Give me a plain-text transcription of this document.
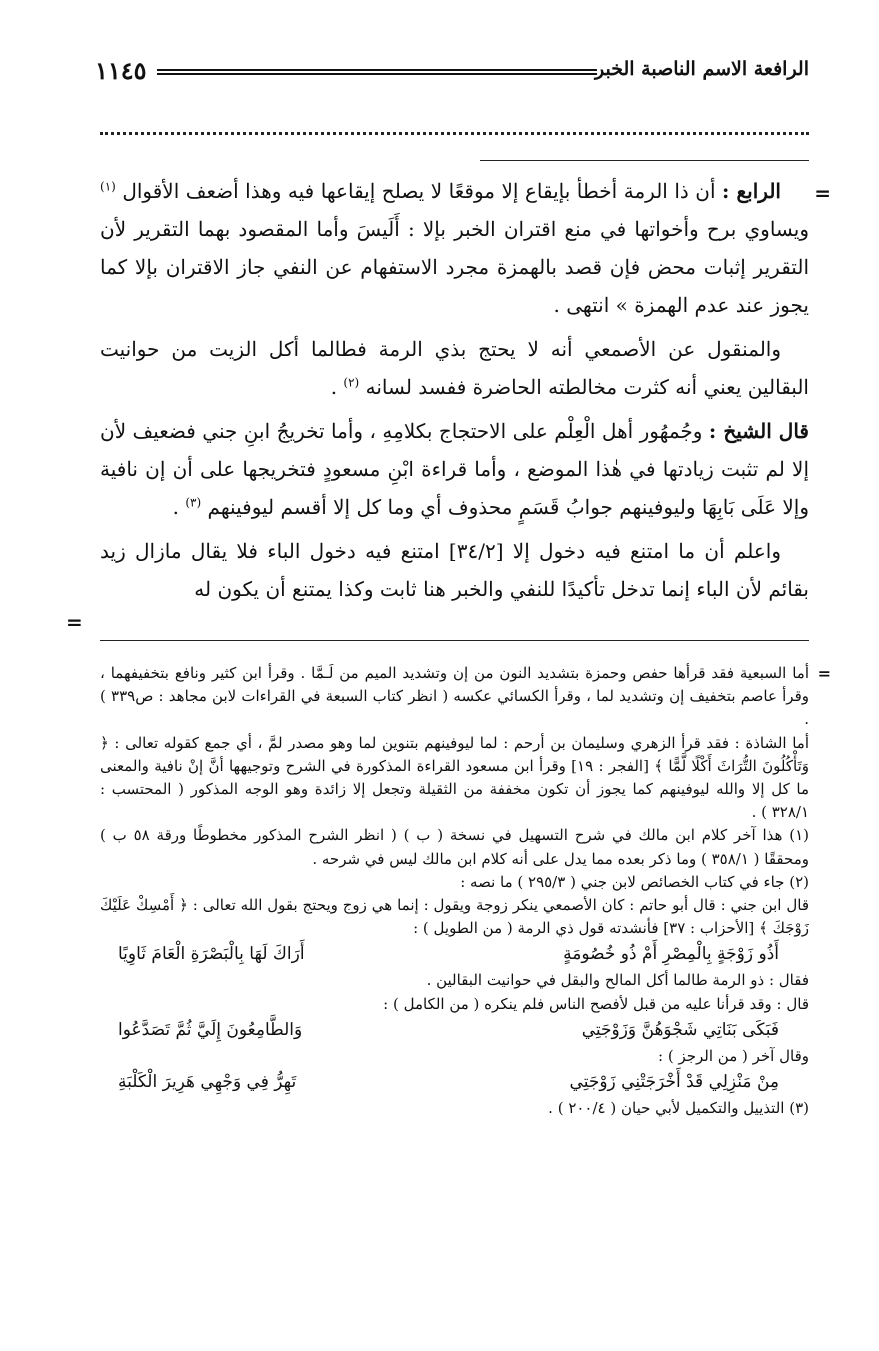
الرافعة الاسم الناصبة الخبر
١١٤٥
=

الرابع : أن ذا الرمة أخطأ بإيقاع إلا موقعًا لا يصلح إيقاعها فيه وهذا أضعف الأقوال $^{(١)}$ ويساوي برح وأخواتها في منع اقتران الخبر بإلا : أَلَيسَ وأما المقصود بهما التقرير لأن التقرير إثبات محض فإن قصد بالهمزة مجرد الاستفهام عن النفي جاز الاقتران بإلا كما يجوز عند عدم الهمزة » انتهى .

والمنقول عن الأصمعي أنه لا يحتج بذي الرمة فطالما أكل الزيت من حوانيت البقالين يعني أنه كثرت مخالطته الحاضرة ففسد لسانه $^{(٢)}$ .

قال الشيخ : وجُمهُور أهل الْعِلْم على الاحتجاج بكلامِهِ ، وأما تخريجُ ابنِ جني فضعيف لأن إلا لم تثبت زيادتها في هٰذا الموضع ، وأما قراءة ابْنِ مسعودٍ فتخريجها على أن إن نافية وإلا عَلَى بَابِهَا وليوفينهم جوابُ قَسَمٍ محذوف أي وما كل إلا أقسم ليوفينهم $^{(٣)}$ .

واعلم أن ما امتنع فيه دخول إلا [٣٤/٢] امتنع فيه دخول الباء فلا يقال مازال زيد بقائم لأن الباء إنما تدخل تأكيدًا للنفي والخبر هنا ثابت وكذا يمتنع أن يكون له

=
=

أما السبعية فقد قرأها حفص وحمزة بتشديد النون من إن وتشديد الميم من لَـمَّا . وقرأ ابن كثير ونافع بتخفيفهما ، وقرأ عاصم بتخفيف إن وتشديد لما ، وقرأ الكسائي عكسه ( انظر كتاب السبعة في القراءات لابن مجاهد : ص٣٣٩ ) .

أما الشاذة : فقد قرأ الزهري وسليمان بن أرحم : لما ليوفينهم بتنوين لما وهو مصدر لمَّ ، أي جمع كقوله تعالى : ﴿ وَتَأْكُلُونَ التُّرَاثَ أَكْلًا لَّمًّا ﴾ [الفجر : ١٩] وقرأ ابن مسعود القراءة المذكورة في الشرح وتوجيهها أنَّ إنْ نافية والمعنى ما كل إلا والله ليوفينهم كما يجوز أن تكون مخففة من الثقيلة وتجعل إلا زائدة وهو الوجه المذكور ( المحتسب : ٣٢٨/١ ) .

(١) هذا آخر كلام ابن مالك في شرح التسهيل في نسخة ( ب ) ( انظر الشرح المذكور مخطوطًا ورقة ٥٨ ب ) ومحققًا ( ٣٥٨/١ ) وما ذكر بعده مما يدل على أنه كلام ابن مالك ليس في شرحه .

(٢) جاء في كتاب الخصائص لابن جني ( ٢٩٥/٣ ) ما نصه :

قال ابن جني : قال أبو حاتم : كان الأصمعي ينكر زوجة ويقول : إنما هي زوج ويحتج بقول الله تعالى : ﴿ أَمْسِكْ عَلَيْكَ زَوْجَكَ ﴾ [الأحزاب : ٣٧] فأنشدته قول ذي الرمة ( من الطويل ) :

أَذُو زَوْجَةٍ بِالْمِصْرِ أَمْ ذُو خُصُومَةٍ
أَرَاكَ لَهَا بِالْبَصْرَةِ الْعَامَ ثَاوِيًا

فقال : ذو الرمة طالما أكل المالح والبقل في حوانيت البقالين .

قال : وقد قرأنا عليه من قبل لأفصح الناس فلم ينكره ( من الكامل ) :

فَبَكَى بَنَاتِي شَجْوَهُنَّ وَزَوْجَتِي
وَالطَّامِعُونَ إِلَيَّ ثُمَّ تَصَدَّعُوا

وقال آخر ( من الرجز ) :

مِنْ مَنْزِلِي قَدْ أَخْرَجَتْنِي زَوْجَتِي
تَهِرُّ فِي وَجْهِي هَرِيرَ الْكَلْبَةِ

(٣) التذييل والتكميل لأبي حيان ( ٢٠٠/٤ ) .
